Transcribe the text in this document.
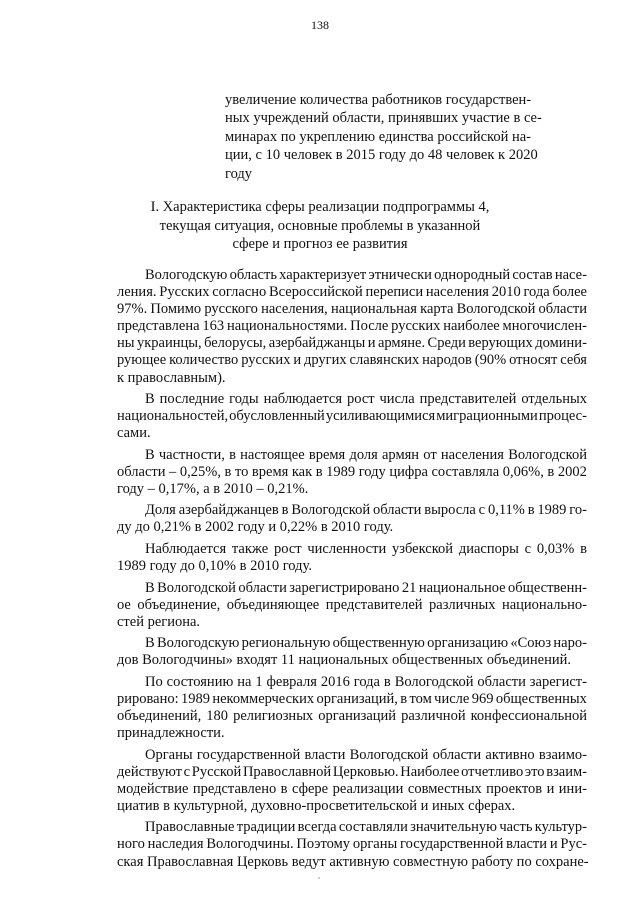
138
увеличение количества работников государствен-
ных учреждений области, принявших участие в се-
минарах по укреплению единства российской на-
ции, с 10 человек в 2015 году до 48 человек к 2020
году
I. Характеристика сферы реализации подпрограммы 4,
текущая ситуация, основные проблемы в указанной
сфере и прогноз ее развития
Вологодскую область характеризует этнически однородный состав насе-
ления. Русских согласно Всероссийской переписи населения 2010 года более
97%. Помимо русского населения, национальная карта Вологодской области
представлена 163 национальностями. После русских наиболее многочислен-
ны украинцы, белорусы, азербайджанцы и армяне. Среди верующих домини-
рующее количество русских и других славянских народов (90% относят себя
к православным).
В последние годы наблюдается рост числа представителей отдельных
национальностей, обусловленный усиливающимися миграционными процес-
сами.
В частности, в настоящее время доля армян от населения Вологодской
области – 0,25%, в то время как в 1989 году цифра составляла 0,06%, в 2002
году – 0,17%, а в 2010 – 0,21%.
Доля азербайджанцев в Вологодской области выросла с 0,11% в 1989 го-
ду до 0,21% в 2002 году и 0,22% в 2010 году.
Наблюдается также рост численности узбекской диаспоры с 0,03% в
1989 году до 0,10% в 2010 году.
В Вологодской области зарегистрировано 21 национальное общественн-
ое объединение, объединяющее представителей различных национально-
стей региона.
В Вологодскую региональную общественную организацию «Союз наро-
дов Вологодчины» входят 11 национальных общественных объединений.
По состоянию на 1 февраля 2016 года в Вологодской области зарегист-
рировано: 1989 некоммерческих организаций, в том числе 969 общественных
объединений, 180 религиозных организаций различной конфессиональной
принадлежности.
Органы государственной власти Вологодской области активно взаимо-
действуют с Русской Православной Церковью. Наиболее отчетливо это взаим-
модействие представлено в сфере реализации совместных проектов и ини-
циатив в культурной, духовно-просветительской и иных сферах.
Православные традиции всегда составляли значительную часть культур-
ного наследия Вологодчины. Поэтому органы государственной власти и Рус-
ская Православная Церковь ведут активную совместную работу по сохране-
